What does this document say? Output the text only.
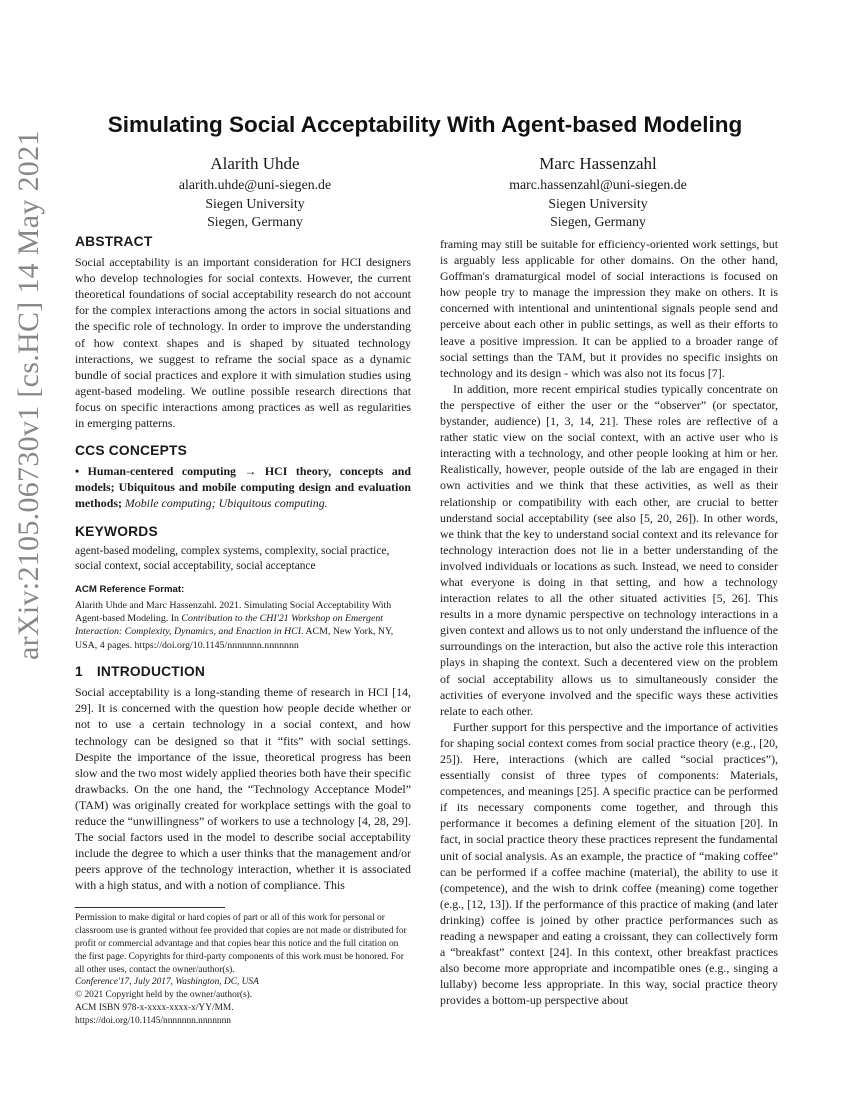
arXiv:2105.06730v1 [cs.HC] 14 May 2021
Simulating Social Acceptability With Agent-based Modeling
Alarith Uhde
alarith.uhde@uni-siegen.de
Siegen University
Siegen, Germany
Marc Hassenzahl
marc.hassenzahl@uni-siegen.de
Siegen University
Siegen, Germany
ABSTRACT

Social acceptability is an important consideration for HCI designers who develop technologies for social contexts. However, the current theoretical foundations of social acceptability research do not account for the complex interactions among the actors in social situations and the specific role of technology. In order to improve the understanding of how context shapes and is shaped by situated technology interactions, we suggest to reframe the social space as a dynamic bundle of social practices and explore it with simulation studies using agent-based modeling. We outline possible research directions that focus on specific interactions among practices as well as regularities in emerging patterns.

CCS CONCEPTS

• Human-centered computing → HCI theory, concepts and models; Ubiquitous and mobile computing design and evaluation methods; Mobile computing; Ubiquitous computing.

KEYWORDS

agent-based modeling, complex systems, complexity, social practice, social context, social acceptability, social acceptance

ACM Reference Format:

Alarith Uhde and Marc Hassenzahl. 2021. Simulating Social Acceptability With Agent-based Modeling. In Contribution to the CHI'21 Workshop on Emergent Interaction: Complexity, Dynamics, and Enaction in HCI. ACM, New York, NY, USA, 4 pages. https://doi.org/10.1145/nnnnnnn.nnnnnnn

1 INTRODUCTION

Social acceptability is a long-standing theme of research in HCI [14, 29]. It is concerned with the question how people decide whether or not to use a certain technology in a social context, and how technology can be designed so that it “fits” with social settings. Despite the importance of the issue, theoretical progress has been slow and the two most widely applied theories both have their specific drawbacks. On the one hand, the “Technology Acceptance Model” (TAM) was originally created for workplace settings with the goal to reduce the “unwillingness” of workers to use a technology [4, 28, 29]. The social factors used in the model to describe social acceptability include the degree to which a user thinks that the management and/or peers approve of the technology interaction, whether it is associated with a high status, and with a notion of compliance. This

Permission to make digital or hard copies of part or all of this work for personal or classroom use is granted without fee provided that copies are not made or distributed for profit or commercial advantage and that copies bear this notice and the full citation on the first page. Copyrights for third-party components of this work must be honored. For all other uses, contact the owner/author(s).
Conference'17, July 2017, Washington, DC, USA
© 2021 Copyright held by the owner/author(s).
ACM ISBN 978-x-xxxx-xxxx-x/YY/MM.
https://doi.org/10.1145/nnnnnnn.nnnnnnn

framing may still be suitable for efficiency-oriented work settings, but is arguably less applicable for other domains. On the other hand, Goffman's dramaturgical model of social interactions is focused on how people try to manage the impression they make on others. It is concerned with intentional and unintentional signals people send and perceive about each other in public settings, as well as their efforts to leave a positive impression. It can be applied to a broader range of social settings than the TAM, but it provides no specific insights on technology and its design - which was also not its focus [7].

In addition, more recent empirical studies typically concentrate on the perspective of either the user or the “observer” (or spectator, bystander, audience) [1, 3, 14, 21]. These roles are reflective of a rather static view on the social context, with an active user who is interacting with a technology, and other people looking at him or her. Realistically, however, people outside of the lab are engaged in their own activities and we think that these activities, as well as their relationship or compatibility with each other, are crucial to better understand social acceptability (see also [5, 20, 26]). In other words, we think that the key to understand social context and its relevance for technology interaction does not lie in a better understanding of the involved individuals or locations as such. Instead, we need to consider what everyone is doing in that setting, and how a technology interaction relates to all the other situated activities [5, 26]. This results in a more dynamic perspective on technology interactions in a given context and allows us to not only understand the influence of the surroundings on the interaction, but also the active role this interaction plays in shaping the context. Such a decentered view on the problem of social acceptability allows us to simultaneously consider the activities of everyone involved and the specific ways these activities relate to each other.

Further support for this perspective and the importance of activities for shaping social context comes from social practice theory (e.g., [20, 25]). Here, interactions (which are called “social practices”), essentially consist of three types of components: Materials, competences, and meanings [25]. A specific practice can be performed if its necessary components come together, and through this performance it becomes a defining element of the situation [20]. In fact, in social practice theory these practices represent the fundamental unit of social analysis. As an example, the practice of “making coffee” can be performed if a coffee machine (material), the ability to use it (competence), and the wish to drink coffee (meaning) come together (e.g., [12, 13]). If the performance of this practice of making (and later drinking) coffee is joined by other practice performances such as reading a newspaper and eating a croissant, they can collectively form a “breakfast” context [24]. In this context, other breakfast practices also become more appropriate and incompatible ones (e.g., singing a lullaby) become less appropriate. In this way, social practice theory provides a bottom-up perspective about
